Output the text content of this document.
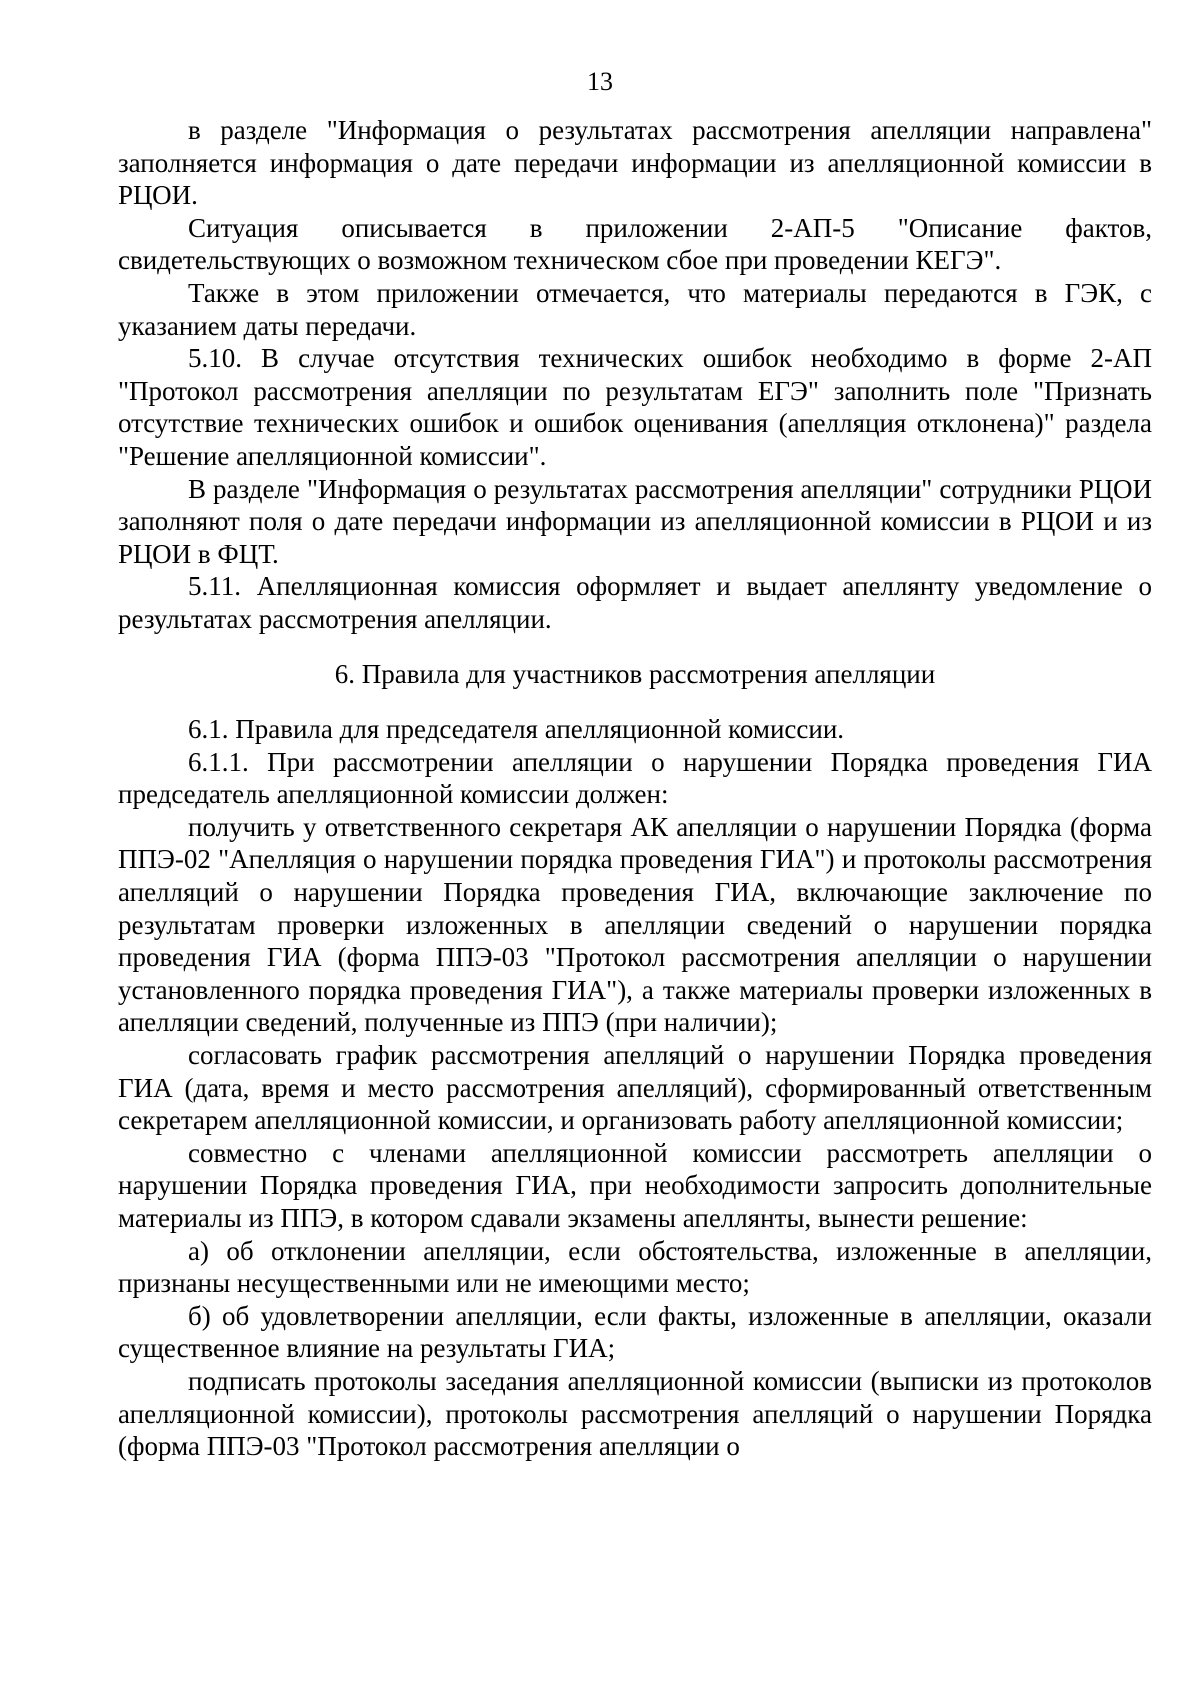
13

в разделе "Информация о результатах рассмотрения апелляции направлена" заполняется информация о дате передачи информации из апелляционной комиссии в РЦОИ.

Ситуация описывается в приложении 2-АП-5 "Описание фактов, свидетельствующих о возможном техническом сбое при проведении КЕГЭ".

Также в этом приложении отмечается, что материалы передаются в ГЭК, с указанием даты передачи.

5.10. В случае отсутствия технических ошибок необходимо в форме 2-АП "Протокол рассмотрения апелляции по результатам ЕГЭ" заполнить поле "Признать отсутствие технических ошибок и ошибок оценивания (апелляция отклонена)" раздела "Решение апелляционной комиссии".

В разделе "Информация о результатах рассмотрения апелляции" сотрудники РЦОИ заполняют поля о дате передачи информации из апелляционной комиссии в РЦОИ и из РЦОИ в ФЦТ.

5.11. Апелляционная комиссия оформляет и выдает апеллянту уведомление о результатах рассмотрения апелляции.

6. Правила для участников рассмотрения апелляции

6.1. Правила для председателя апелляционной комиссии.

6.1.1. При рассмотрении апелляции о нарушении Порядка проведения ГИА председатель апелляционной комиссии должен:

получить у ответственного секретаря АК апелляции о нарушении Порядка (форма ППЭ-02 "Апелляция о нарушении порядка проведения ГИА") и протоколы рассмотрения апелляций о нарушении Порядка проведения ГИА, включающие заключение по результатам проверки изложенных в апелляции сведений о нарушении порядка проведения ГИА (форма ППЭ-03 "Протокол рассмотрения апелляции о нарушении установленного порядка проведения ГИА"), а также материалы проверки изложенных в апелляции сведений, полученные из ППЭ (при наличии);

согласовать график рассмотрения апелляций о нарушении Порядка проведения ГИА (дата, время и место рассмотрения апелляций), сформированный ответственным секретарем апелляционной комиссии, и организовать работу апелляционной комиссии;

совместно с членами апелляционной комиссии рассмотреть апелляции о нарушении Порядка проведения ГИА, при необходимости запросить дополнительные материалы из ППЭ, в котором сдавали экзамены апеллянты, вынести решение:

а) об отклонении апелляции, если обстоятельства, изложенные в апелляции, признаны несущественными или не имеющими место;

б) об удовлетворении апелляции, если факты, изложенные в апелляции, оказали существенное влияние на результаты ГИА;

подписать протоколы заседания апелляционной комиссии (выписки из протоколов апелляционной комиссии), протоколы рассмотрения апелляций о нарушении Порядка (форма ППЭ-03 "Протокол рассмотрения апелляции о
